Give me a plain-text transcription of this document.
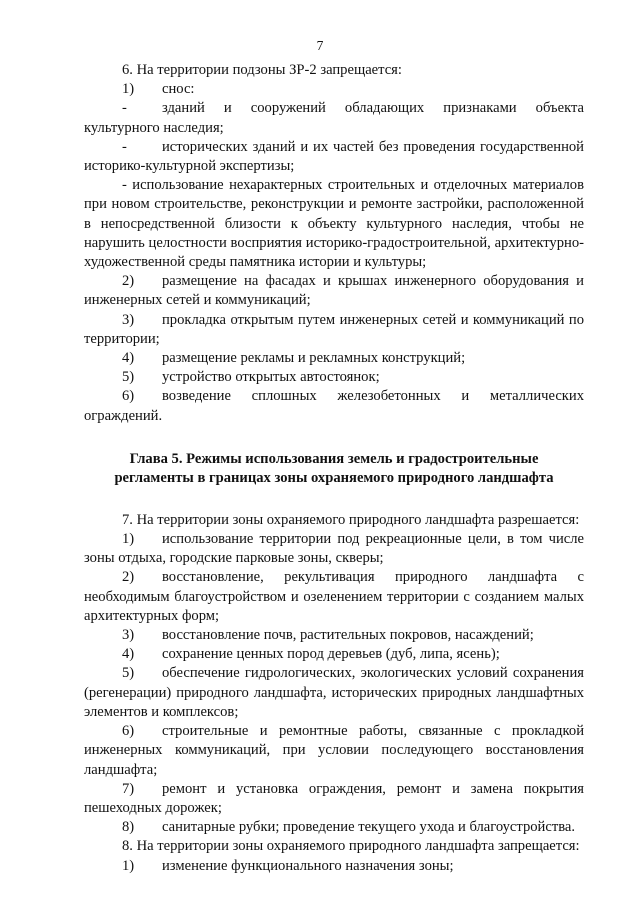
7

6. На территории подзоны ЗР-2 запрещается:

1) снос:

- зданий и сооружений обладающих признаками объекта культурного наследия;

- исторических зданий и их частей без проведения государственной историко-культурной экспертизы;

- использование нехарактерных строительных и отделочных материалов при новом строительстве, реконструкции и ремонте застройки, расположенной в непосредственной близости к объекту культурного наследия, чтобы не нарушить целостности восприятия историко-градостроительной, архитектурно-художественной среды памятника истории и культуры;

2) размещение на фасадах и крышах инженерного оборудования и инженерных сетей и коммуникаций;

3) прокладка открытым путем инженерных сетей и коммуникаций по территории;

4) размещение рекламы и рекламных конструкций;

5) устройство открытых автостоянок;

6) возведение сплошных железобетонных и металлических ограждений.

Глава 5. Режимы использования земель и градостроительные
регламенты в границах зоны охраняемого природного ландшафта

7. На территории зоны охраняемого природного ландшафта разрешается:

1) использование территории под рекреационные цели, в том числе зоны отдыха, городские парковые зоны, скверы;

2) восстановление, рекультивация природного ландшафта с необходимым благоустройством и озеленением территории с созданием малых архитектурных форм;

3) восстановление почв, растительных покровов, насаждений;

4) сохранение ценных пород деревьев (дуб, липа, ясень);

5) обеспечение гидрологических, экологических условий сохранения (регенерации) природного ландшафта, исторических природных ландшафтных элементов и комплексов;

6) строительные и ремонтные работы, связанные с прокладкой инженерных коммуникаций, при условии последующего восстановления ландшафта;

7) ремонт и установка ограждения, ремонт и замена покрытия пешеходных дорожек;

8) санитарные рубки; проведение текущего ухода и благоустройства.

8. На территории зоны охраняемого природного ландшафта запрещается:

1) изменение функционального назначения зоны;
